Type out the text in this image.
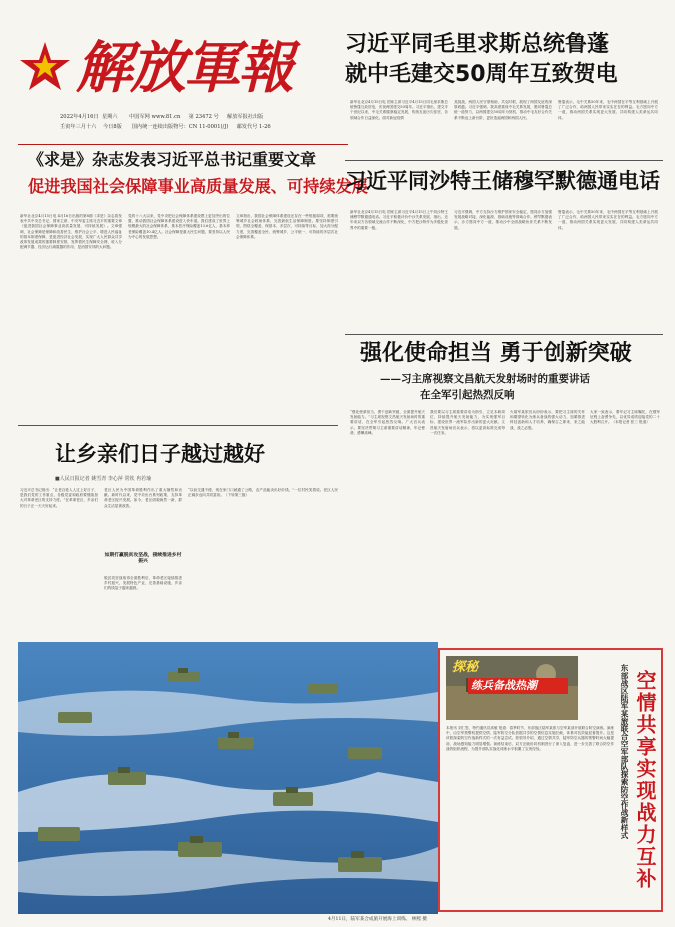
解放軍報
2022年4月16日 星期六 中国军网 www.81.cn 第 23472 号 解放军报社出版
壬寅年三月十六 今日8版 国内统一连续出版物号：CN 11-0001(/J) 邮发代号 1-26
习近平同毛里求斯总统鲁蓬
就中毛建交50周年互致贺电
新华社北京4月15日电 国家主席习近平4月15日同毛里求斯总统鲁蓬互致贺电，庆祝两国建交50周年。习近平指出，建交半个世纪以来，中毛关系健康稳定发展，传统友谊历久弥坚，各领域合作日益深化。面对新冠疫情
其挑战，两国人民守望相助，共克时艰，展现了两国友谊的深厚底蕴。习近平强调，我高度重视中毛关系发展，愿同鲁蓬总统一道努力，以两国建交50周年为契机，推动中毛友好合作关系不断迈上新台阶，更好造福两国和两国人民。
鲁蓬表示，毛中关系50年来，毛中两国在平等互利基础上开展了广泛合作，给两国人民带来实实在在的利益。毛方愿同中方一道，推动两国关系实现更大发展，共同构建人类命运共同体。
《求是》杂志发表习近平总书记重要文章
促进我国社会保障事业高质量发展、可持续发展
新华社北京4月15日电 4月16日出版的第8期《求是》杂志将发表中共中央总书记、国家主席、中央军委主席习近平的重要文章《促进我国社会保障事业高质量发展、可持续发展》。文章强调，社会保障是保障和改善民生、维护社会公平、增进人民福祉的基本制度保障，是促进经济社会发展、实现广大人民群众共享改革发展成果的重要制度安排，发挥着民生保障安全网、收入分配调节器、经济运行减震器的作用，是治国安邦的大问题。
党的十八大以来，党中央把社会保障体系建设摆上更加突出的位置，推动我国社会保障体系建设进入快车道。我们建成了世界上规模最大的社会保障体系，基本医疗保险覆盖13.6亿人，基本养老保险覆盖10.4亿人。社会保障是重大民生问题，要坚持以人民为中心的发展思想。
文章指出，我国社会保障体系建设还存在一些短板弱项，需要统筹城乡社会救助体系，完善最低生活保障制度。要坚持制度引领，围绕全覆盖、保基本、多层次、可持续等目标，加大再分配力度，完善覆盖全民、统筹城乡、公平统一、可持续的多层次社会保障体系。
习近平同沙特王储穆罕默德通电话
新华社北京4月15日电 国家主席习近平4月15日上午同沙特王储穆罕默德通电话。习近平积极评价中沙关系发展，指出，近年来双方各领域交流合作不断深化，中方把沙特作为多极化世界中的重要一极。
习近平强调，中方支持沙方维护国家安全稳定，愿同沙方加强发展战略对接，深化能源、基础设施等领域合作。穆罕默德表示，沙方愿同中方一道，推动沙中全面战略伙伴关系不断发展。
鲁蓬表示，毛中关系50年来，毛中两国在平等互利基础上开展了广泛合作，给两国人民带来实实在在的利益。毛方愿同中方一道，推动两国关系实现更大发展，共同构建人类命运共同体。
强化使命担当 勇于创新突破
——习主席视察文昌航天发射场时的重要讲话
在全军引起热烈反响
“强化使命担当，勇于创新突破，全面提升航天发射能力。”习主席视察文昌航天发射场时的重要讲话，在全军引起热烈反响。广大官兵表示，要坚决贯彻习主席重要讲话精神，牢记使命，勇攀高峰。
我们要以习主席重要讲话为指引，立足本职岗位，持续提升航天发射能力，为实现强军目标、建设世界一流军队作出新的更大贡献。文昌航天发射场官兵表示，将以更高标准完成每一次任务。
火箭军某旅官兵纷纷表示，要把习主席的关怀和期望转化为练兵备战的强大动力，加紧推进科技创新和人才培养，确保召之即来、来之能战、战之必胜。
大家一致表示，要牢记习主席嘱托，在强军征程上奋勇争先，以优异成绩迎接党的二十大胜利召开。（本报记者 张三 报道）
让乡亲们日子越过越好
■人民日报记者 姚雪青 李心萍 常钦 冉若瑜
习近平总书记指出：“让老百姓人人过上好日子，是我们党的工作重点，各级党委和政府要继续加大对革命老区的支持力度。”在革命老区，乡亲们的日子正一天天好起来。
老区人民为中国革命胜利作出了重大牺牲和贡献。新时代以来，党中央出台系列政策，支持革命老区振兴发展。如今，老区面貌焕然一新，群众生活显著改善。
如期打赢脱贫攻坚战，接续推进乡村振兴
脱贫攻坚战取得全面胜利后，革命老区接续推进乡村振兴，发展特色产业，完善基础设施，乡亲们的钱袋子越来越鼓。
“以前交通不便，现在家门口就通了公路，农产品能卖出好价钱。”一位村民笑着说。老区人民正阔步迈向共同富裕。（下转第三版）
4月11日，陆军某合成旅开展海上训练。 林熙 摄
探秘
练兵备战热潮
本报讯 刘仁思、特约通讯员高敏 报道：春季时节，东部战区陆军某旅与空军某部开展联合防空演练。演练中，由空军预警机提供空情，陆军防空分队依据共享的空情信息实施拦截，体系对抗效能显著提升。这是该旅探索防空作战新样式的一次有益尝试。旅领导介绍，通过空情共享，陆军防空兵器的预警时间大幅提前，战场感知能力明显增强。演练结束后，双方还就协同机制进行了深入复盘，进一步完善了联合防空作战的组织流程，为提升部队实战化训练水平积累了宝贵经验。	东部战区陆军某旅联合空军部队探索防空作战新样式 空情共享实现战力互补
